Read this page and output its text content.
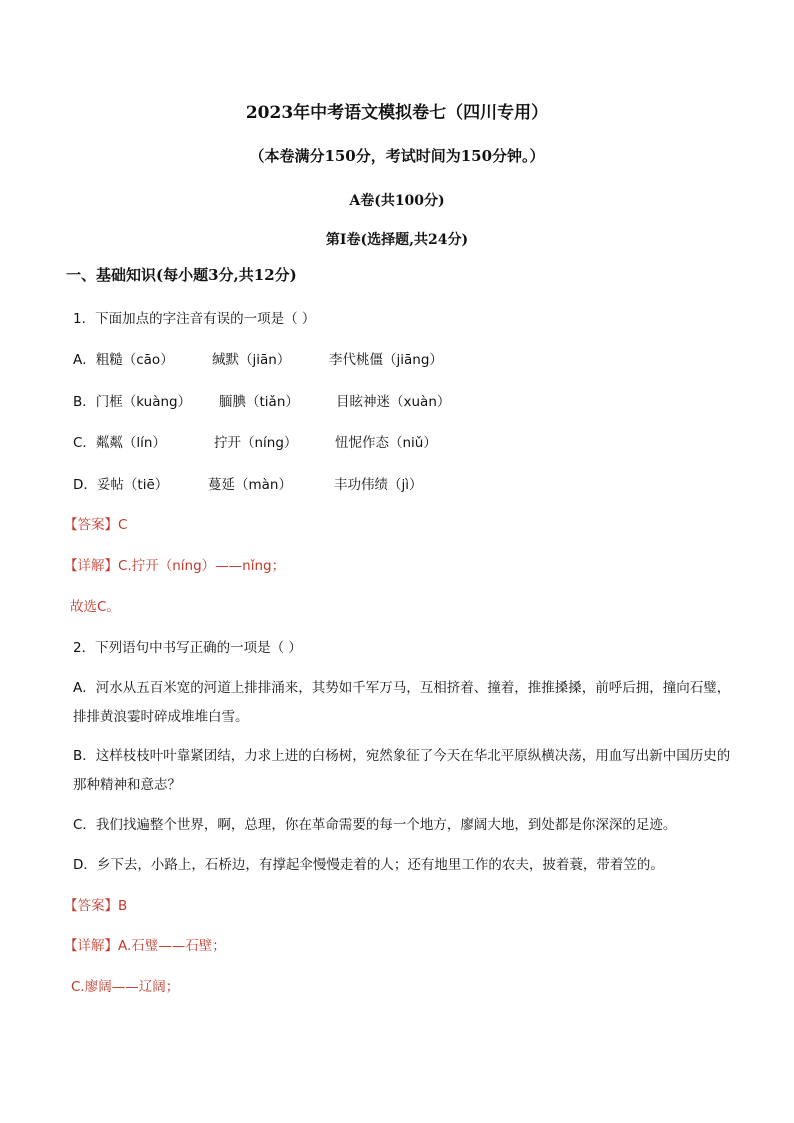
2023年中考语文模拟卷七（四川专用）
（本卷满分150分，考试时间为150分钟。）
A卷(共100分)
第Ⅰ卷(选择题,共24分)
一、基础知识(每小题3分,共12分)
1．下面加点的字注音有误的一项是（ ）
A．粗糙（cāo）	缄默（jiān）	李代桃僵（jiāng）
B．门框（kuàng） 腼腆（tiǎn）	目眩神迷（xuàn）
C．粼粼（lín）	拧开（níng）	忸怩作态（niǔ）
D．妥帖（tiē）	蔓延（màn）	丰功伟绩（jì）
【答案】C
【详解】C.拧开（níng）——nǐng；
故选C。
2．下列语句中书写正确的一项是（ ）
A．河水从五百米宽的河道上排排涌来，其势如千军万马，互相挤着、撞着，推推搡搡，前呼后拥，撞向石璧，排排黄浪霎时碎成堆堆白雪。
B．这样枝枝叶叶靠紧团结，力求上进的白杨树，宛然象征了今天在华北平原纵横决荡，用血写出新中国历史的那种精神和意志？
C．我们找遍整个世界，啊，总理，你在革命需要的每一个地方，廖阔大地，到处都是你深深的足迹。
D．乡下去，小路上，石桥边，有撑起伞慢慢走着的人；还有地里工作的农夫，披着蓑，带着笠的。
【答案】B
【详解】A.石璧——石壁；
C.廖阔——辽阔；
